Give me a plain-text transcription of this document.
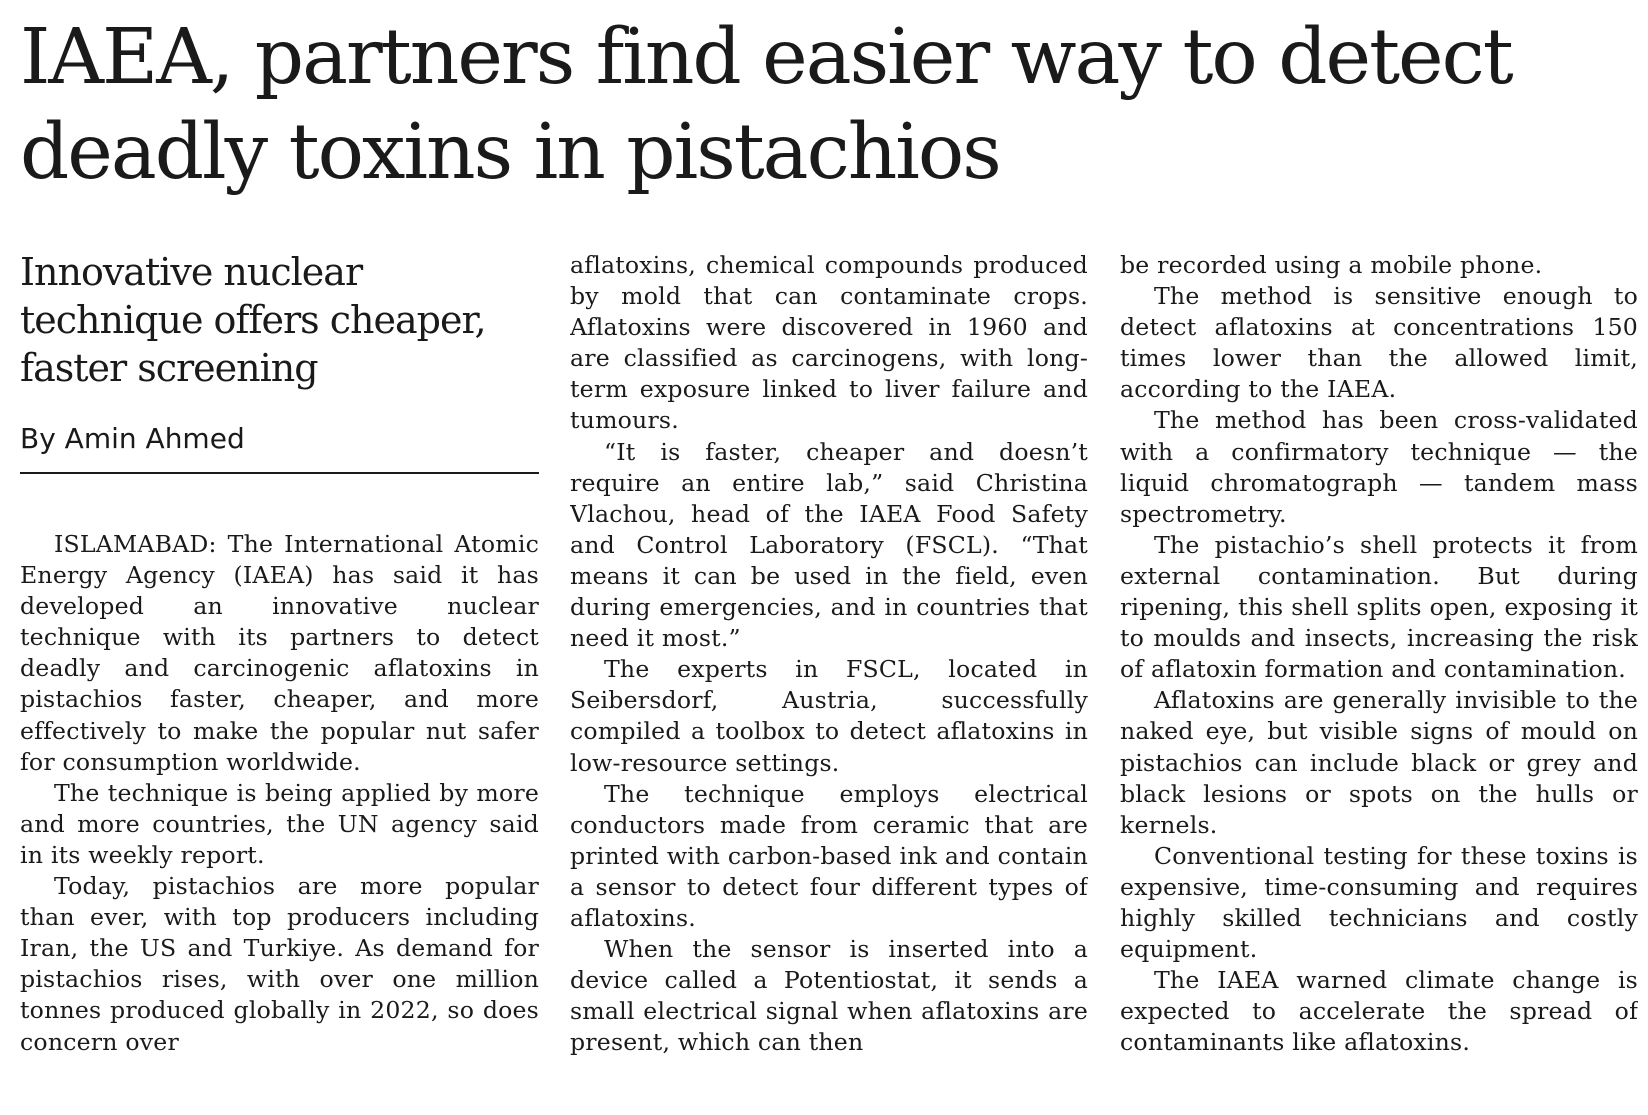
IAEA, partners find easier way to detect deadly toxins in pistachios
Innovative nuclear technique offers cheaper, faster screening
By Amin Ahmed

ISLAMABAD: The International Atomic Energy Agency (IAEA) has said it has developed an innovative nuclear technique with its partners to detect deadly and carcinogenic aflatoxins in pistachios faster, cheaper, and more effectively to make the popular nut safer for consumption worldwide.

The technique is being applied by more and more countries, the UN agency said in its weekly report.

Today, pistachios are more popular than ever, with top producers including Iran, the US and Turkiye. As demand for pistachios rises, with over one million tonnes produced globally in 2022, so does concern over

aflatoxins, chemical compounds produced by mold that can contaminate crops. Aflatoxins were discovered in 1960 and are classified as carcinogens, with long-term exposure linked to liver failure and tumours.

“It is faster, cheaper and doesn’t require an entire lab,” said Christina Vlachou, head of the IAEA Food Safety and Control Laboratory (FSCL). “That means it can be used in the field, even during emergencies, and in countries that need it most.”

The experts in FSCL, located in Seibersdorf, Austria, successfully compiled a toolbox to detect aflatoxins in low-resource settings.

The technique employs electrical conductors made from ceramic that are printed with carbon-based ink and contain a sensor to detect four different types of aflatoxins.

When the sensor is inserted into a device called a Potentiostat, it sends a small electrical signal when aflatoxins are present, which can then

be recorded using a mobile phone.

The method is sensitive enough to detect aflatoxins at concentrations 150 times lower than the allowed limit, according to the IAEA.

The method has been cross-validated with a confirmatory technique — the liquid chromatograph — tandem mass spectrometry.

The pistachio’s shell protects it from external contamination. But during ripening, this shell splits open, exposing it to moulds and insects, increasing the risk of aflatoxin formation and contamination.

Aflatoxins are generally invisible to the naked eye, but visible signs of mould on pistachios can include black or grey and black lesions or spots on the hulls or kernels.

Conventional testing for these toxins is expensive, time-consuming and requires highly skilled technicians and costly equipment.

The IAEA warned climate change is expected to accelerate the spread of contaminants like aflatoxins.
